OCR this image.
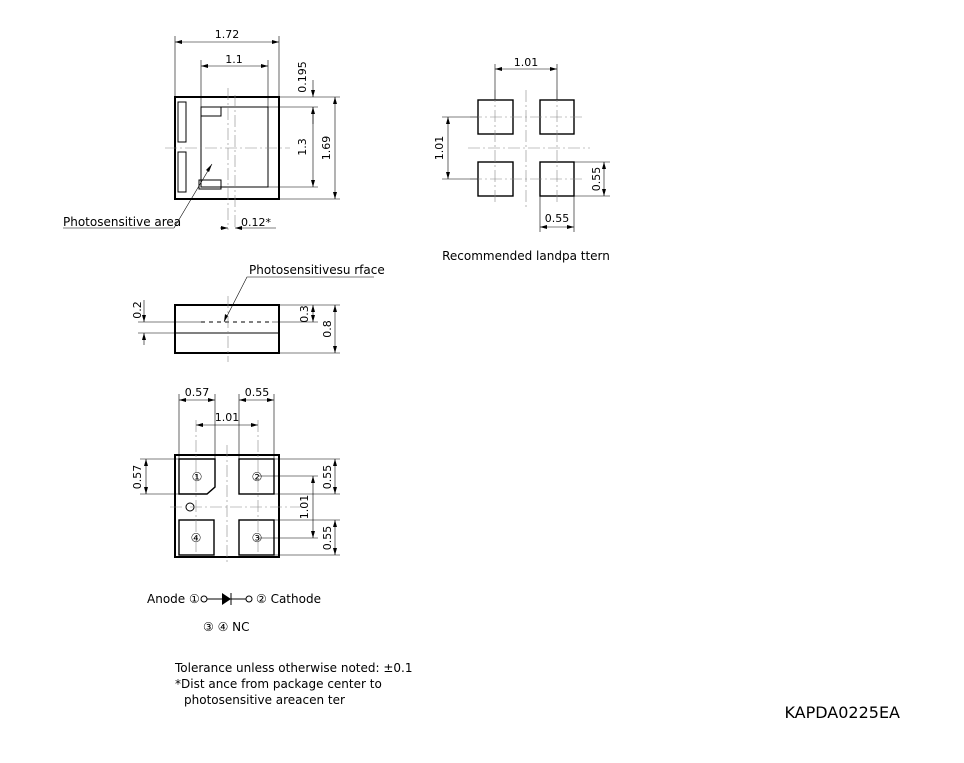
1.72
1.1
0.195
1.3 1.69
0.12*
Photosensitive area
Photosensitivesu rface
0.2	0.3
0.8
①	②
③
④
0.57	0.55
1.01
0.57	0.55
1.01
0.55
Anode ①	② Cathode
③ ④ NC
1.01
1.01
0.55
0.55
Recommended landpa ttern
Tolerance unless otherwise noted: ±0.1
*Dist ance from package center to
photosensitive areacen ter
KAPDA0225EA
